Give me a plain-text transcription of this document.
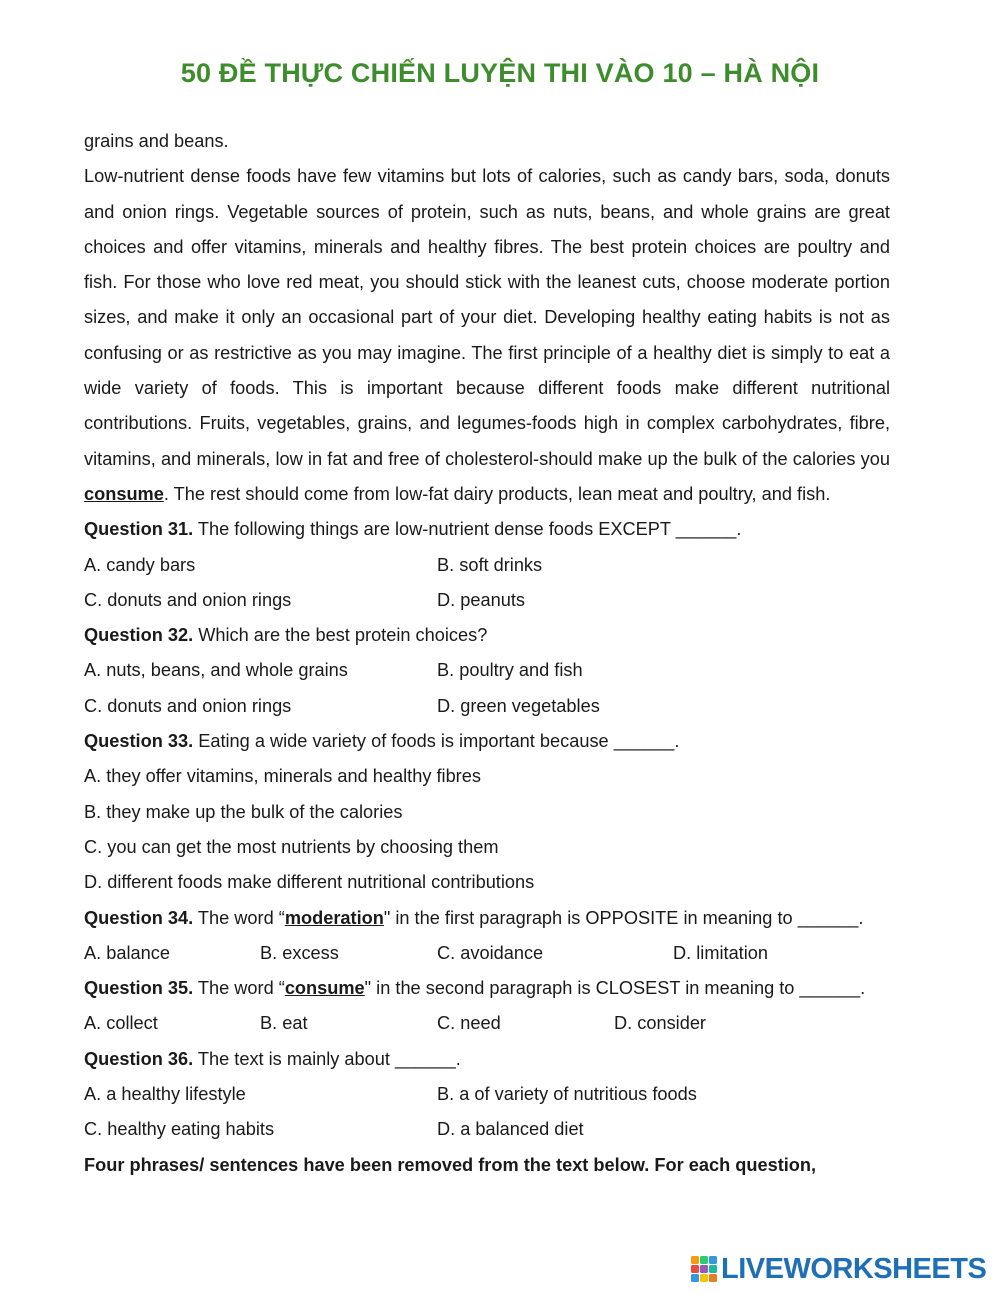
50 ĐỀ THỰC CHIẾN LUYỆN THI VÀO 10 – HÀ NỘI

grains and beans.

Low-nutrient dense foods have few vitamins but lots of calories, such as candy bars, soda, donuts and onion rings. Vegetable sources of protein, such as nuts, beans, and whole grains are great choices and offer vitamins, minerals and healthy fibres. The best protein choices are poultry and fish. For those who love red meat, you should stick with the leanest cuts, choose moderate portion sizes, and make it only an occasional part of your diet. Developing healthy eating habits is not as confusing or as restrictive as you may imagine. The first principle of a healthy diet is simply to eat a wide variety of foods. This is important because different foods make different nutritional contributions. Fruits, vegetables, grains, and legumes-foods high in complex carbohydrates, fibre, vitamins, and minerals, low in fat and free of cholesterol-should make up the bulk of the calories you consume. The rest should come from low-fat dairy products, lean meat and poultry, and fish.

Question 31. The following things are low-nutrient dense foods EXCEPT ______.

A. candy bars	B. soft drinks
C. donuts and onion rings	D. peanuts

Question 32. Which are the best protein choices?

A. nuts, beans, and whole grains	B. poultry and fish
C. donuts and onion rings	D. green vegetables

Question 33. Eating a wide variety of foods is important because ______.

A. they offer vitamins, minerals and healthy fibres

B. they make up the bulk of the calories

C. you can get the most nutrients by choosing them

D. different foods make different nutritional contributions

Question 34. The word “moderation" in the first paragraph is OPPOSITE in meaning to ______.

A. balance	B. excess	C. avoidance	D. limitation

Question 35. The word “consume" in the second paragraph is CLOSEST in meaning to ______.

A. collect	B. eat	C. need	D. consider

Question 36. The text is mainly about ______.

A. a healthy lifestyle	B. a of variety of nutritious foods
C. healthy eating habits	D. a balanced diet

Four phrases/ sentences have been removed from the text below. For each question,

LIVEWORKSHEETS
